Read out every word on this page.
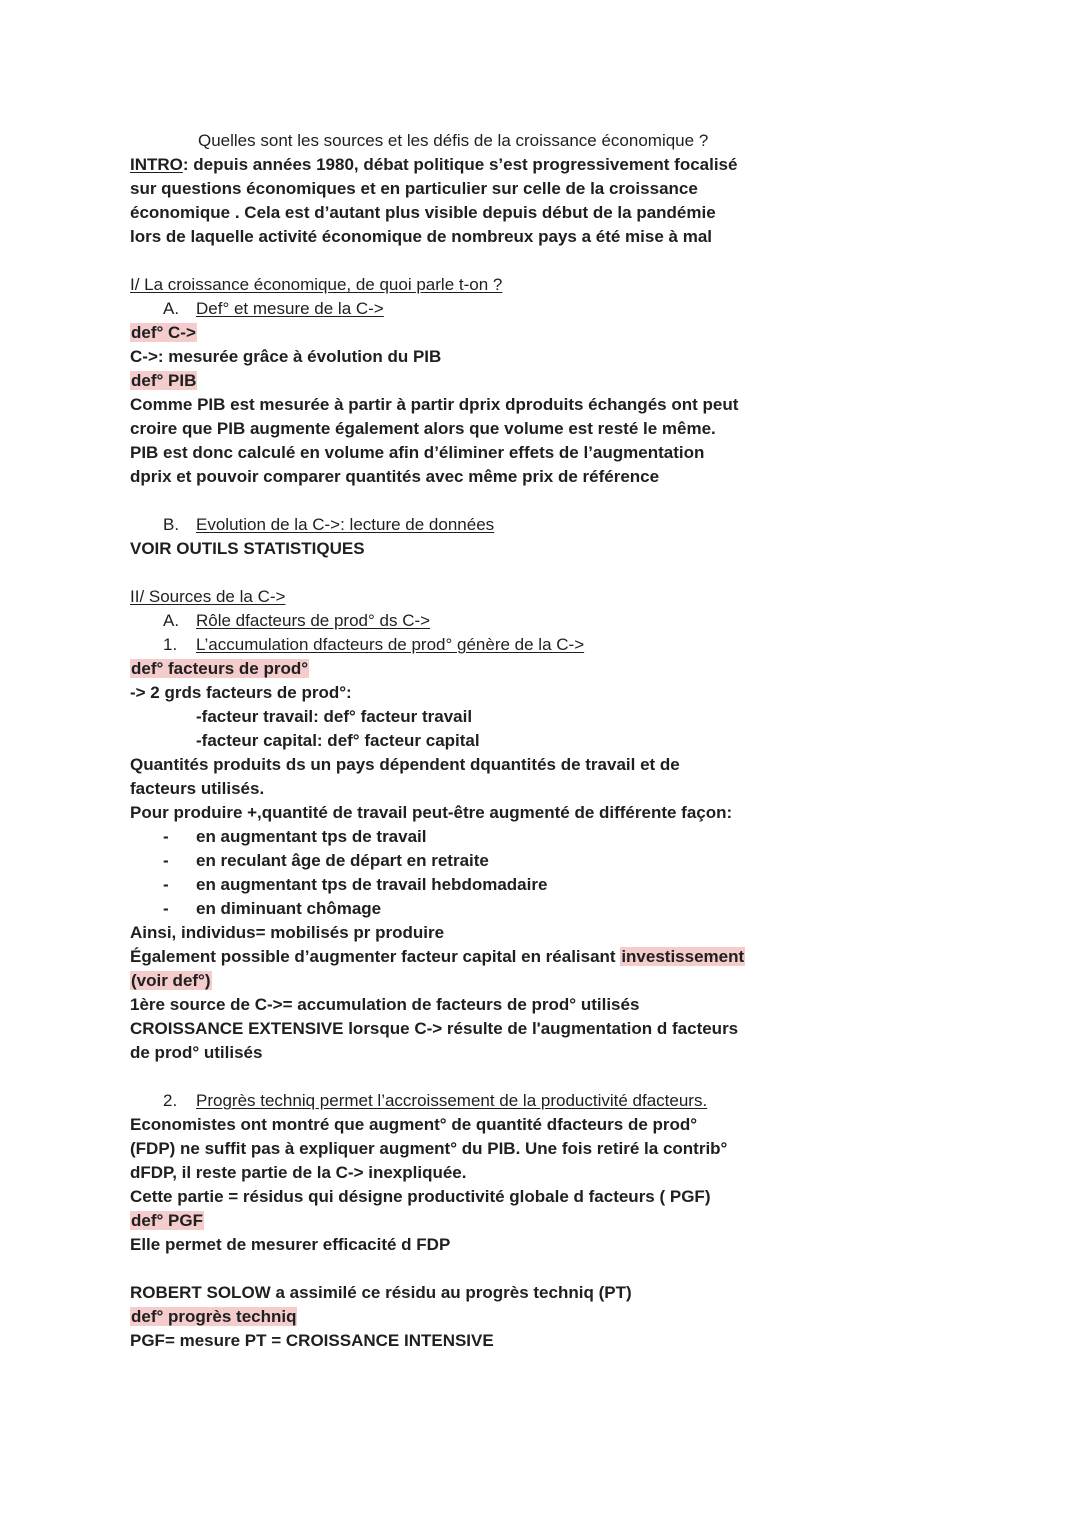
Quelles sont les sources et les défis de la croissance économique ?
INTRO: depuis années 1980, débat politique s’est progressivement focalisé
sur questions économiques et en particulier sur celle de la croissance
économique . Cela est d’autant plus visible depuis début de la pandémie
lors de laquelle activité économique de nombreux pays a été mise à mal
I/ La croissance économique, de quoi parle t-on ?
A. Def° et mesure de la C->
def° C->
C->: mesurée grâce à évolution du PIB
def° PIB
Comme PIB est mesurée à partir à partir dprix dproduits échangés ont peut
croire que PIB augmente également alors que volume est resté le même.
PIB est donc calculé en volume afin d’éliminer effets de l’augmentation
dprix et pouvoir comparer quantités avec même prix de référence
B. Evolution de la C->: lecture de données
VOIR OUTILS STATISTIQUES
II/ Sources de la C->
A. Rôle dfacteurs de prod° ds C->
1. L’accumulation dfacteurs de prod° génère de la C->
def° facteurs de prod°
-> 2 grds facteurs de prod°:
-facteur travail: def° facteur travail
-facteur capital: def° facteur capital
Quantités produits ds un pays dépendent dquantités de travail et de
facteurs utilisés.
Pour produire +,quantité de travail peut-être augmenté de différente façon:
- en augmentant tps de travail
- en reculant âge de départ en retraite
- en augmentant tps de travail hebdomadaire
- en diminuant chômage
Ainsi, individus= mobilisés pr produire
Également possible d’augmenter facteur capital en réalisant investissement
(voir def°)
1ère source de C->= accumulation de facteurs de prod° utilisés
CROISSANCE EXTENSIVE lorsque C-> résulte de l'augmentation d facteurs
de prod° utilisés
2. Progrès techniq permet l’accroissement de la productivité dfacteurs.
Economistes ont montré que augment° de quantité dfacteurs de prod°
(FDP) ne suffit pas à expliquer augment° du PIB. Une fois retiré la contrib°
dFDP, il reste partie de la C-> inexpliquée.
Cette partie = résidus qui désigne productivité globale d facteurs ( PGF)
def° PGF
Elle permet de mesurer efficacité d FDP
ROBERT SOLOW a assimilé ce résidu au progrès techniq (PT)
def° progrès techniq
PGF= mesure PT = CROISSANCE INTENSIVE
